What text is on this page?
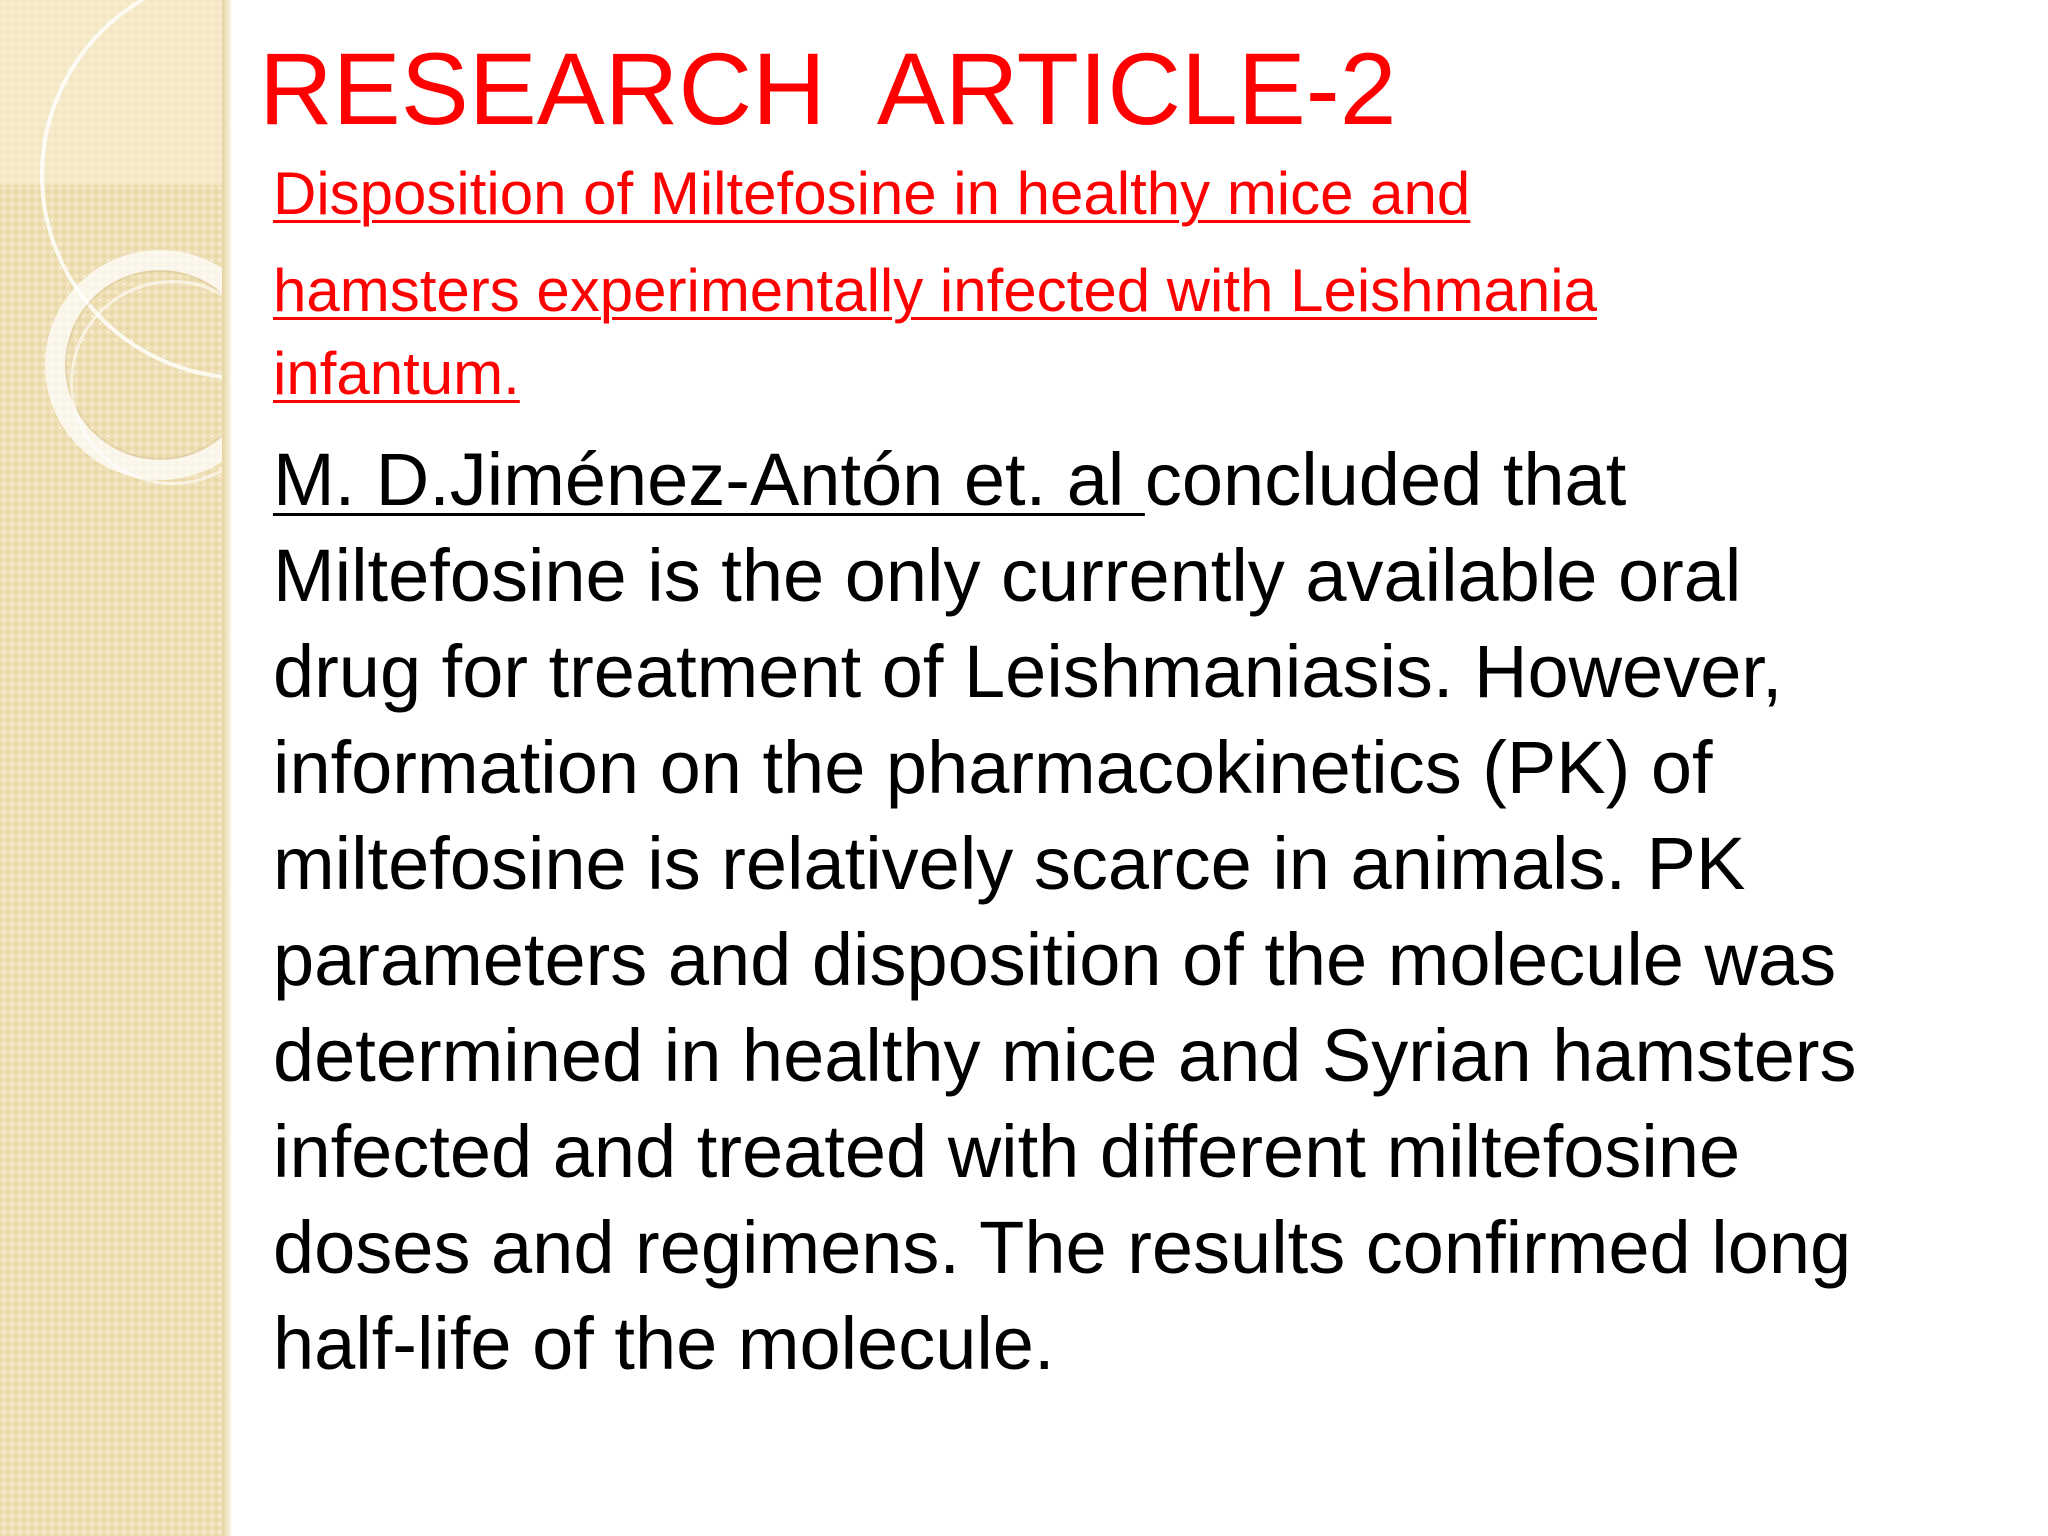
RESEARCH  ARTICLE-2
Disposition of Miltefosine in healthy mice and
hamsters experimentally infected with Leishmania
infantum.
M. D.Jiménez-Antón et. al concluded that
Miltefosine is the only currently available oral
drug for treatment of Leishmaniasis. However,
information on the pharmacokinetics (PK) of
miltefosine is relatively scarce in animals. PK
parameters and disposition of the molecule was
determined in healthy mice and Syrian hamsters
infected and treated with different miltefosine
doses and regimens. The results confirmed long
half-life of the molecule.
